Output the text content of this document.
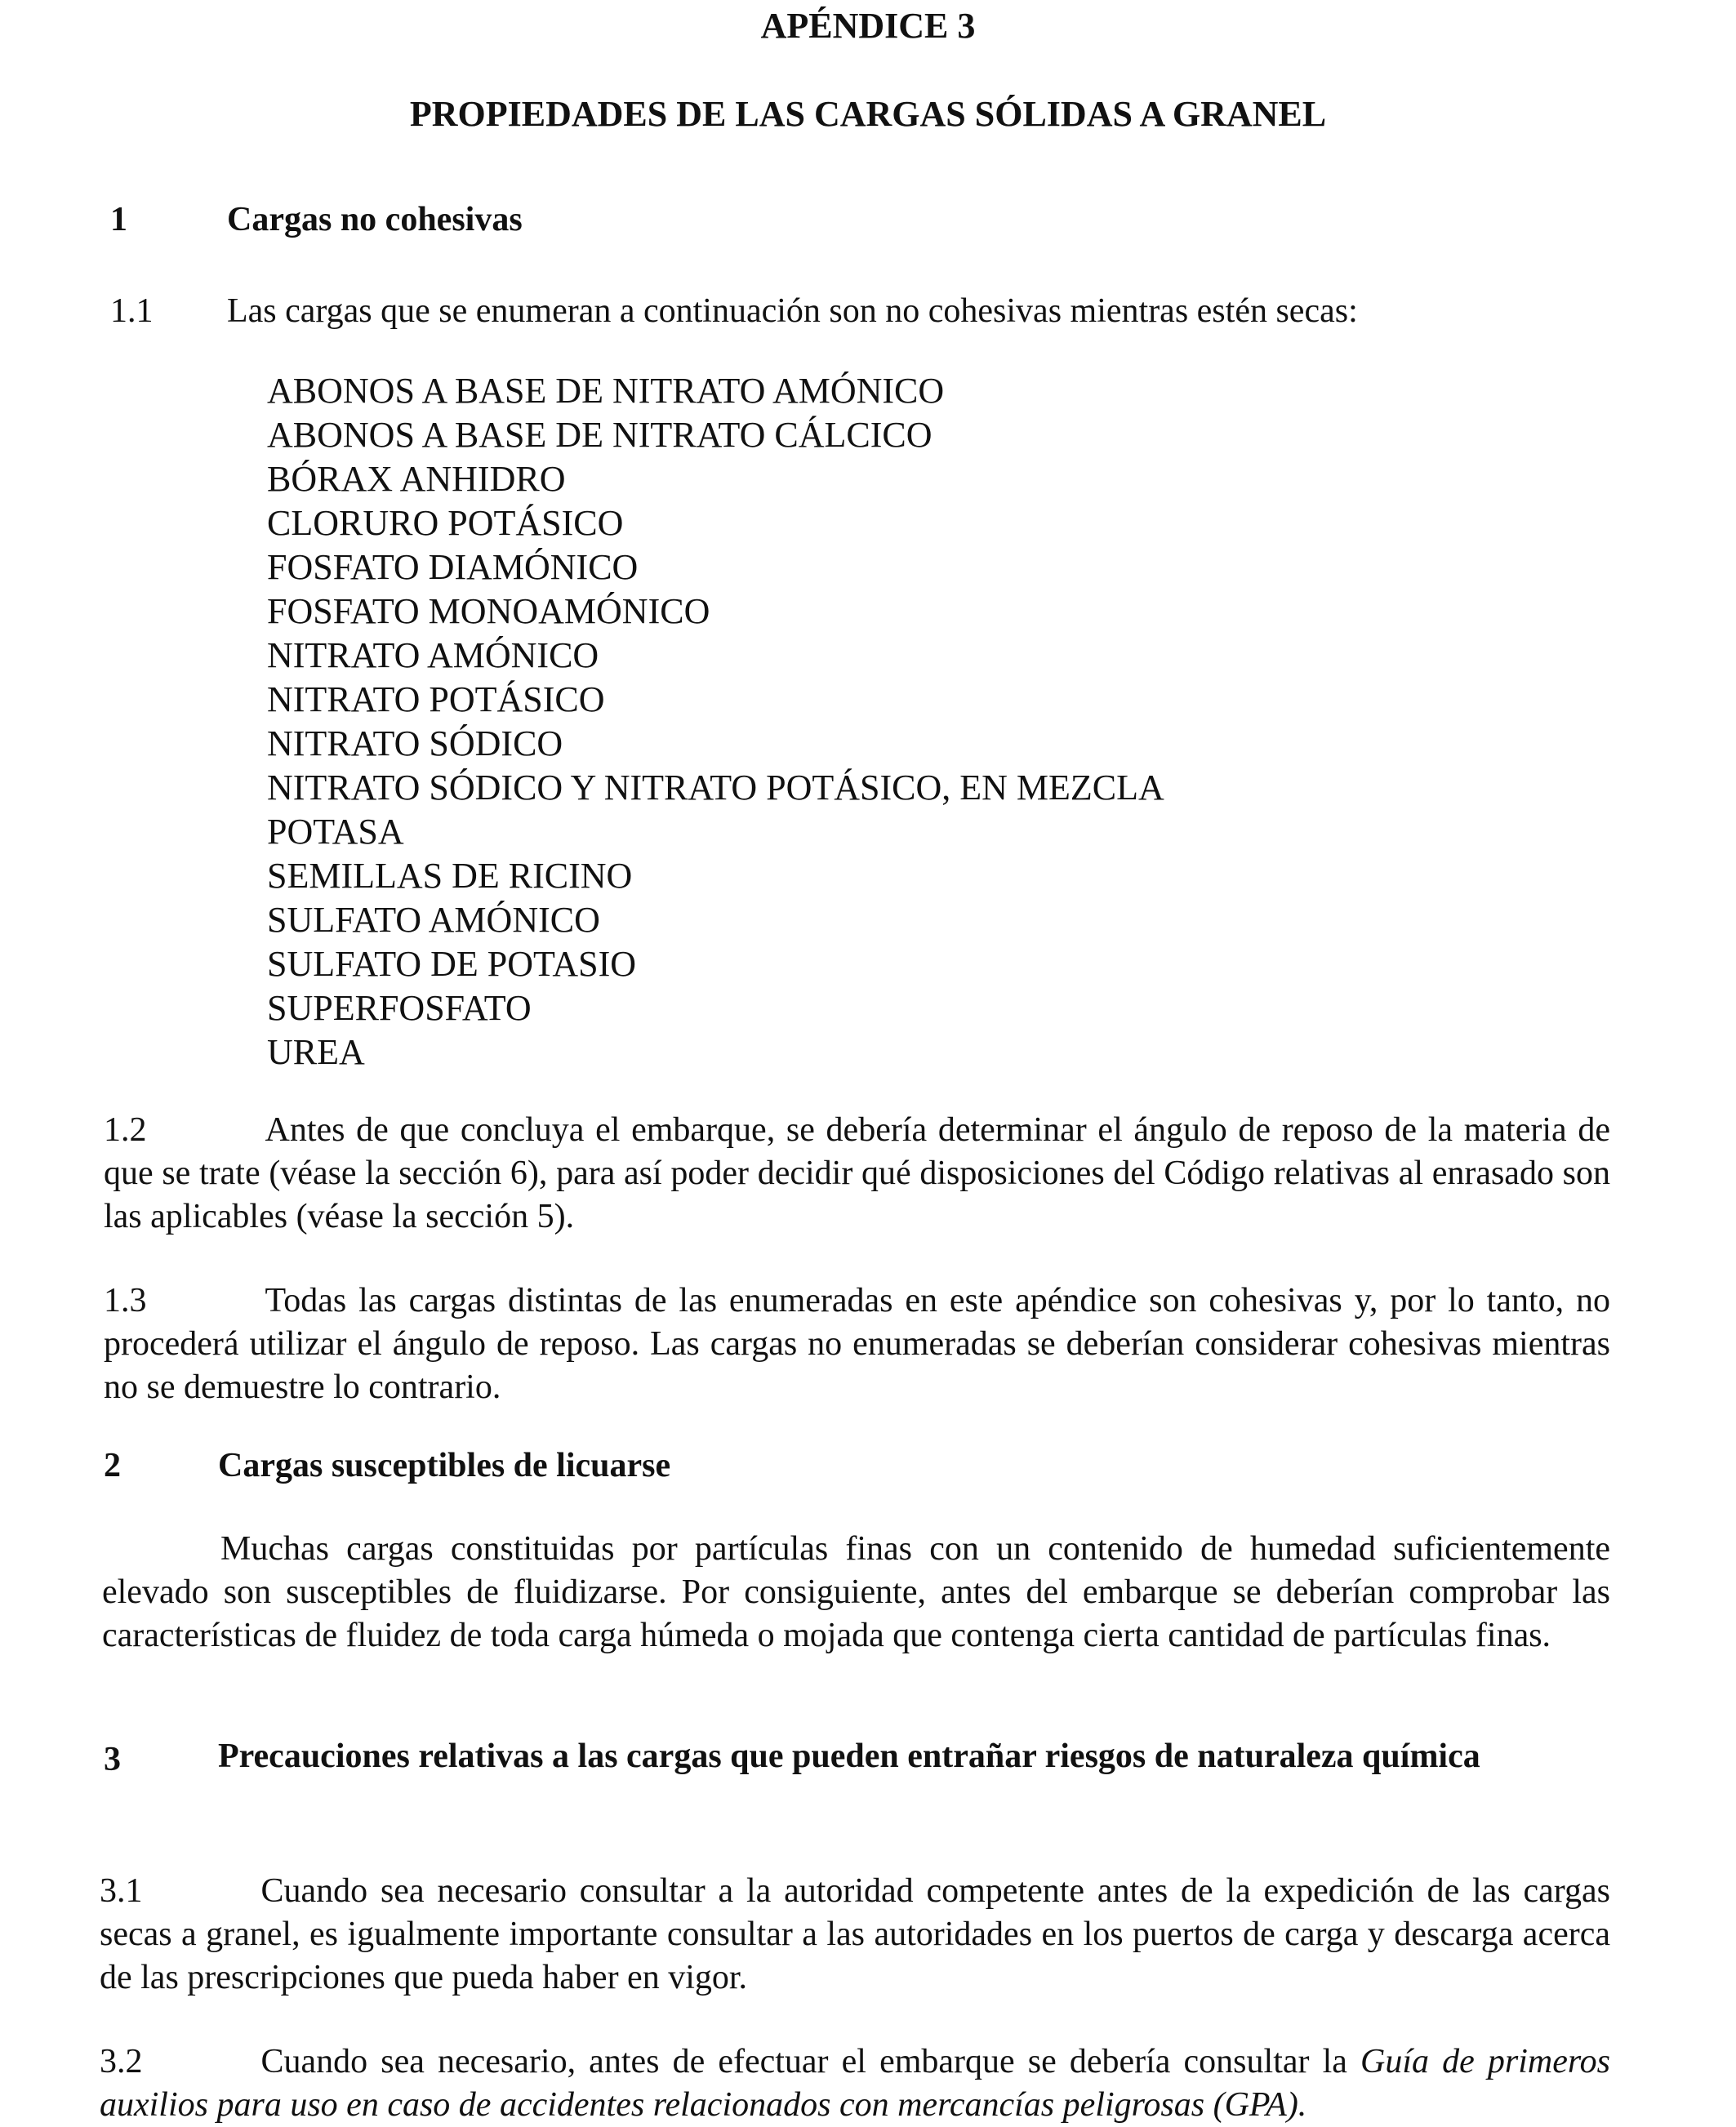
APÉNDICE 3
PROPIEDADES DE LAS CARGAS SÓLIDAS A GRANEL
1	Cargas no cohesivas
1.1 Las cargas que se enumeran a continuación son no cohesivas mientras estén secas:
ABONOS A BASE DE NITRATO AMÓNICO
ABONOS A BASE DE NITRATO CÁLCICO
BÓRAX ANHIDRO
CLORURO POTÁSICO
FOSFATO DIAMÓNICO
FOSFATO MONOAMÓNICO
NITRATO AMÓNICO
NITRATO POTÁSICO
NITRATO SÓDICO
NITRATO SÓDICO Y NITRATO POTÁSICO, EN MEZCLA
POTASA
SEMILLAS DE RICINO
SULFATO AMÓNICO
SULFATO DE POTASIO
SUPERFOSFATO
UREA

1.2	Antes de que concluya el embarque, se debería determinar el ángulo de reposo de la materia de que se trate (véase la sección 6), para así poder decidir qué disposiciones del Código relativas al enrasado son las aplicables (véase la sección 5).

1.3	Todas las cargas distintas de las enumeradas en este apéndice son cohesivas y, por lo tanto, no procederá utilizar el ángulo de reposo. Las cargas no enumeradas se deberían considerar cohesivas mientras no se demuestre lo contrario.

2	Cargas susceptibles de licuarse

Muchas cargas constituidas por partículas finas con un contenido de humedad suficientemente elevado son susceptibles de fluidizarse. Por consiguiente, antes del embarque se deberían comprobar las características de fluidez de toda carga húmeda o mojada que contenga cierta cantidad de partículas finas.

3	Precauciones relativas a las cargas que pueden entrañar riesgos de naturaleza química

3.1	Cuando sea necesario consultar a la autoridad competente antes de la expedición de las cargas secas a granel, es igualmente importante consultar a las autoridades en los puertos de carga y descarga acerca de las prescripciones que pueda haber en vigor.

3.2	Cuando sea necesario, antes de efectuar el embarque se debería consultar la Guía de primeros auxilios para uso en caso de accidentes relacionados con mercancías peligrosas (GPA).
